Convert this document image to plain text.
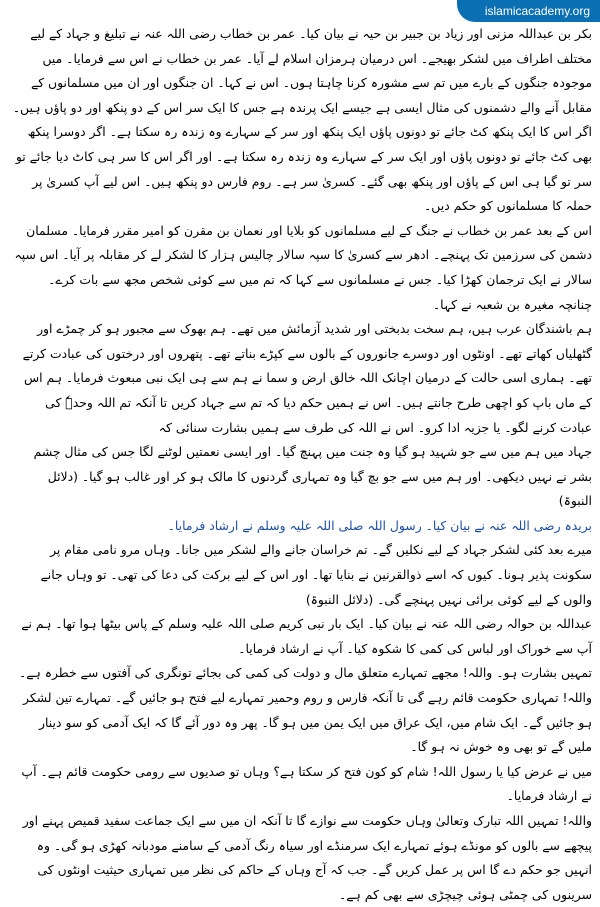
islamicacademy.org

بکر بن عبداللہ مزنی اور زیاد بن جبیر بن حیہ نے بیان کیا۔ عمر بن خطاب رضی اللہ عنہ نے تبلیغ و جہاد کے لیے مختلف اطراف میں لشکر بھیجے۔ اس درمیان ہرمزان اسلام لے آیا۔ عمر بن خطاب نے اس سے فرمایا۔ میں موجودہ جنگوں کے بارے میں تم سے مشورہ کرنا چاہتا ہوں۔ اس نے کہا۔ ان جنگوں اور ان میں مسلمانوں کے مقابل آنے والے دشمنوں کی مثال ایسی ہے جیسے ایک پرندہ ہے جس کا ایک سر اس کے دو پنکھ اور دو پاؤں ہیں۔ اگر اس کا ایک پنکھ کٹ جائے تو دونوں پاؤں ایک پنکھ اور سر کے سہارے وہ زندہ رہ سکتا ہے۔ اگر دوسرا پنکھ بھی کٹ جائے تو دونوں پاؤں اور ایک سر کے سہارے وہ زندہ رہ سکتا ہے۔ اور اگر اس کا سر ہی کاٹ دیا جائے تو سر تو گیا ہی اس کے پاؤں اور پنکھ بھی گئے۔ کسریٰ سر ہے۔ روم فارس دو پنکھ ہیں۔ اس لیے آپ کسریٰ پر حملہ کا مسلمانوں کو حکم دیں۔

اس کے بعد عمر بن خطاب نے جنگ کے لیے مسلمانوں کو بلایا اور نعمان بن مقرن کو امیر مقرر فرمایا۔ مسلمان دشمن کی سرزمین تک پہنچے۔ ادھر سے کسریٰ کا سپہ سالار چالیس ہزار کا لشکر لے کر مقابلہ پر آیا۔ اس سپہ سالار نے ایک ترجمان کھڑا کیا۔ جس نے مسلمانوں سے کہا کہ تم میں سے کوئی شخص مجھ سے بات کرے۔ چنانچہ مغیرہ بن شعبہ نے کہا۔

ہم باشندگان عرب ہیں، ہم سخت بدبختی اور شدید آزمائش میں تھے۔ ہم بھوک سے مجبور ہو کر چمڑے اور گٹھلیاں کھاتے تھے۔ اونٹوں اور دوسرے جانوروں کے بالوں سے کپڑے بناتے تھے۔ پتھروں اور درختوں کی عبادت کرتے تھے۔ ہماری اسی حالت کے درمیان اچانک اللہ خالق ارض و سما نے ہم سے ہی ایک نبی مبعوث فرمایا۔ ہم اس کے ماں باپ کو اچھی طرح جانتے ہیں۔ اس نے ہمیں حکم دیا کہ تم سے جہاد کریں تا آنکہ تم اللہ وحدہٗ کی عبادت کرنے لگو۔ یا جزیہ ادا کرو۔ اس نے اللہ کی طرف سے ہمیں بشارت سنائی کہ

جہاد میں ہم میں سے جو شہید ہو گیا وہ جنت میں پہنچ گیا۔ اور ایسی نعمتیں لوٹنے لگا جس کی مثال چشم بشر نے نہیں دیکھی۔ اور ہم میں سے جو بچ گیا وہ تمہاری گردنوں کا مالک ہو کر اور غالب ہو گیا۔ (دلائل النبوۃ)

بریدہ رضی اللہ عنہ نے بیان کیا۔ رسول اللہ صلی اللہ علیہ وسلم نے ارشاد فرمایا۔

میرے بعد کئی لشکر جہاد کے لیے نکلیں گے۔ تم خراسان جانے والے لشکر میں جانا۔ وہاں مرو نامی مقام پر سکونت پذیر ہونا۔ کیوں کہ اسے ذوالقرنین نے بنایا تھا۔ اور اس کے لیے برکت کی دعا کی تھی۔ تو وہاں جانے والوں کے لیے کوئی برائی نہیں پہنچے گی۔ (دلائل النبوۃ)

عبداللہ بن حوالہ رضی اللہ عنہ نے بیان کیا۔ ایک بار نبی کریم صلی اللہ علیہ وسلم کے پاس بیٹھا ہوا تھا۔ ہم نے آپ سے خوراک اور لباس کی کمی کا شکوہ کیا۔ آپ نے ارشاد فرمایا۔

تمہیں بشارت ہو۔ واللہ! مجھے تمہارے متعلق مال و دولت کی کمی کی بجائے تونگری کی آفتوں سے خطرہ ہے۔ واللہ! تمہاری حکومت قائم رہے گی تا آنکہ فارس و روم وحمیر تمہارے لیے فتح ہو جائیں گے۔ تمہارے تین لشکر ہو جائیں گے۔ ایک شام میں، ایک عراق میں ایک یمن میں ہو گا۔ پھر وہ دور آئے گا کہ ایک آدمی کو سو دینار ملیں گے تو بھی وہ خوش نہ ہو گا۔

میں نے عرض کیا یا رسول اللہ! شام کو کون فتح کر سکتا ہے؟ وہاں تو صدیوں سے رومی حکومت قائم ہے۔ آپ نے ارشاد فرمایا۔

واللہ! تمہیں اللہ تبارک وتعالیٰ وہاں حکومت سے نوازے گا تا آنکہ ان میں سے ایک جماعت سفید قمیص پہنے اور پیچھے سے بالوں کو مونڈے ہوئے تمہارے ایک سرمنڈے اور سیاہ رنگ آدمی کے سامنے مودبانہ کھڑی ہو گی۔ وہ انہیں جو حکم دے گا اس پر عمل کریں گے۔ جب کہ آج وہاں کے حاکم کی نظر میں تمہاری حیثیت اونٹوں کی سرینوں کی چمٹی ہوئی چیچڑی سے بھی کم ہے۔
